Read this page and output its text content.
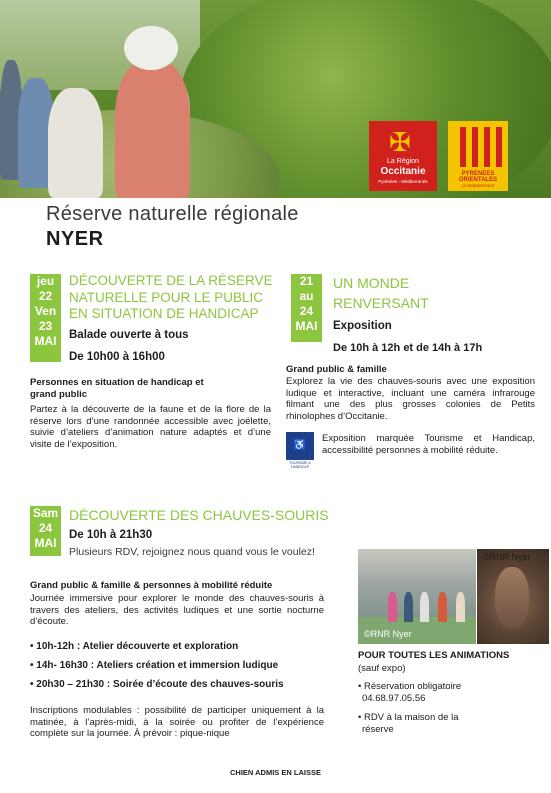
✠
La Région
Occitanie
Pyrénées - Méditerranée
PYRENEES ORIENTALES
Le Département
Réserve naturelle régionale
NYER
jeu
22
Ven
23
MAI
DÉCOUVERTE DE LA RÉSERVE
NATURELLE POUR LE PUBLIC
EN SITUATION DE HANDICAP
Balade ouverte à tous
De 10h00 à 16h00
Personnes en situation de handicap et
grand public
Partez à la découverte de la faune et de la flore de la réserve lors d’une randonnée accessible avec joëlette, suivie d’ateliers d’animation nature adaptés et d’une visite de l’exposition.
21
au
24
MAI
UN MONDE
RENVERSANT
Exposition
De 10h à 12h et de 14h à 17h
Grand public & famille
Explorez la vie des chauves-souris avec une exposition ludique et interactive, incluant une caméra infrarouge filmant une des plus grosses colonies de Petits rhinolophes d’Occitanie.
♿
TOURISME & HANDICAP
Exposition marquée Tourisme et Handicap, accessibilité personnes à mobilité réduite.
Sam
24
MAI
DÉCOUVERTE DES CHAUVES-SOURIS
De 10h à 21h30
Plusieurs RDV, rejoignez nous quand vous le voulez!
Grand public & famille & personnes à mobilité réduite
Journée immersive pour explorer le monde des chauves-souris à travers des ateliers, des activités ludiques et une sortie nocturne d’écoute.
• 10h-12h : Atelier découverte et exploration
• 14h- 16h30 : Ateliers création et immersion ludique
• 20h30 – 21h30 : Soirée d’écoute des chauves-souris
Inscriptions modulables : possibilité de participer uniquement à la matinée, à l’après-midi, à la soirée ou profiter de l’expérience complète sur la journée. À prévoir : pique-nique
©RNR Nyer
©RNR Nyer
POUR TOUTES LES ANIMATIONS
(sauf expo)
• Réservation obligatoire
04.68.97.05.56
• RDV à la maison de la
réserve
CHIEN ADMIS EN LAISSE
